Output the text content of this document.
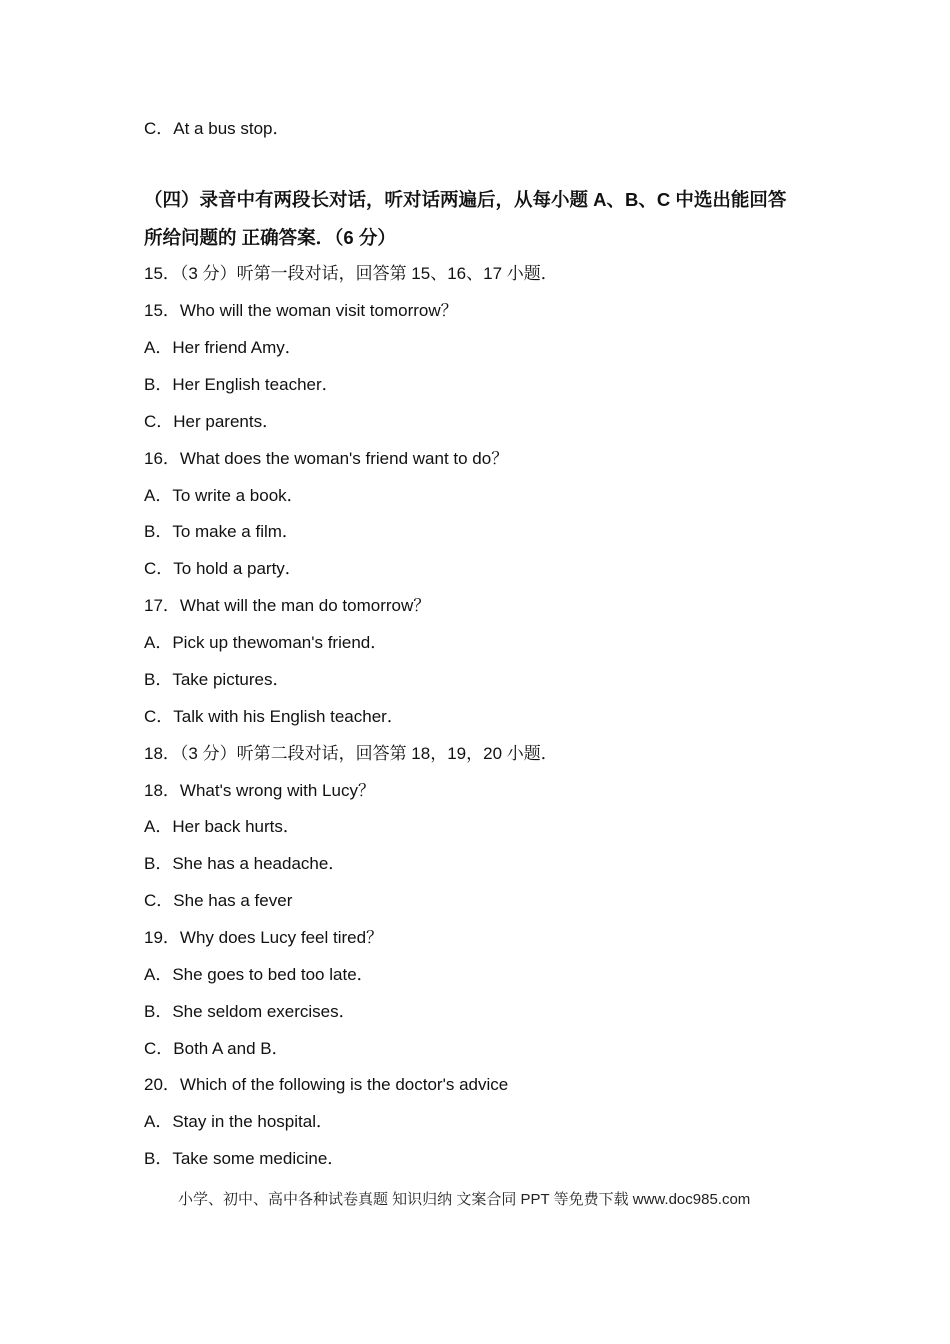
C．At a bus stop．
（四）录音中有两段长对话，听对话两遍后，从每小题 A、B、C 中选出能回答
所给问题的 正确答案．（6 分）
15．（3 分）听第一段对话，回答第 15、16、17 小题．
15．Who will the woman visit tomorrow？
A．Her friend Amy．
B．Her English teacher．
C．Her parents．
16．What does the woman's friend want to do？
A．To write a book．
B．To make a film．
C．To hold a party．
17．What will the man do tomorrow？
A．Pick up thewoman's friend．
B．Take pictures．
C．Talk with his English teacher．
18．（3 分）听第二段对话，回答第 18，19，20 小题．
18．What's wrong with Lucy？
A．Her back hurts．
B．She has a headache．
C．She has a fever
19．Why does Lucy feel tired？
A．She goes to bed too late．
B．She seldom exercises．
C．Both A and B．
20．Which of the following is the doctor's advice
A．Stay in the hospital．
B．Take some medicine．
小学、初中、高中各种试卷真题 知识归纳 文案合同 PPT 等免费下载 www.doc985.com
